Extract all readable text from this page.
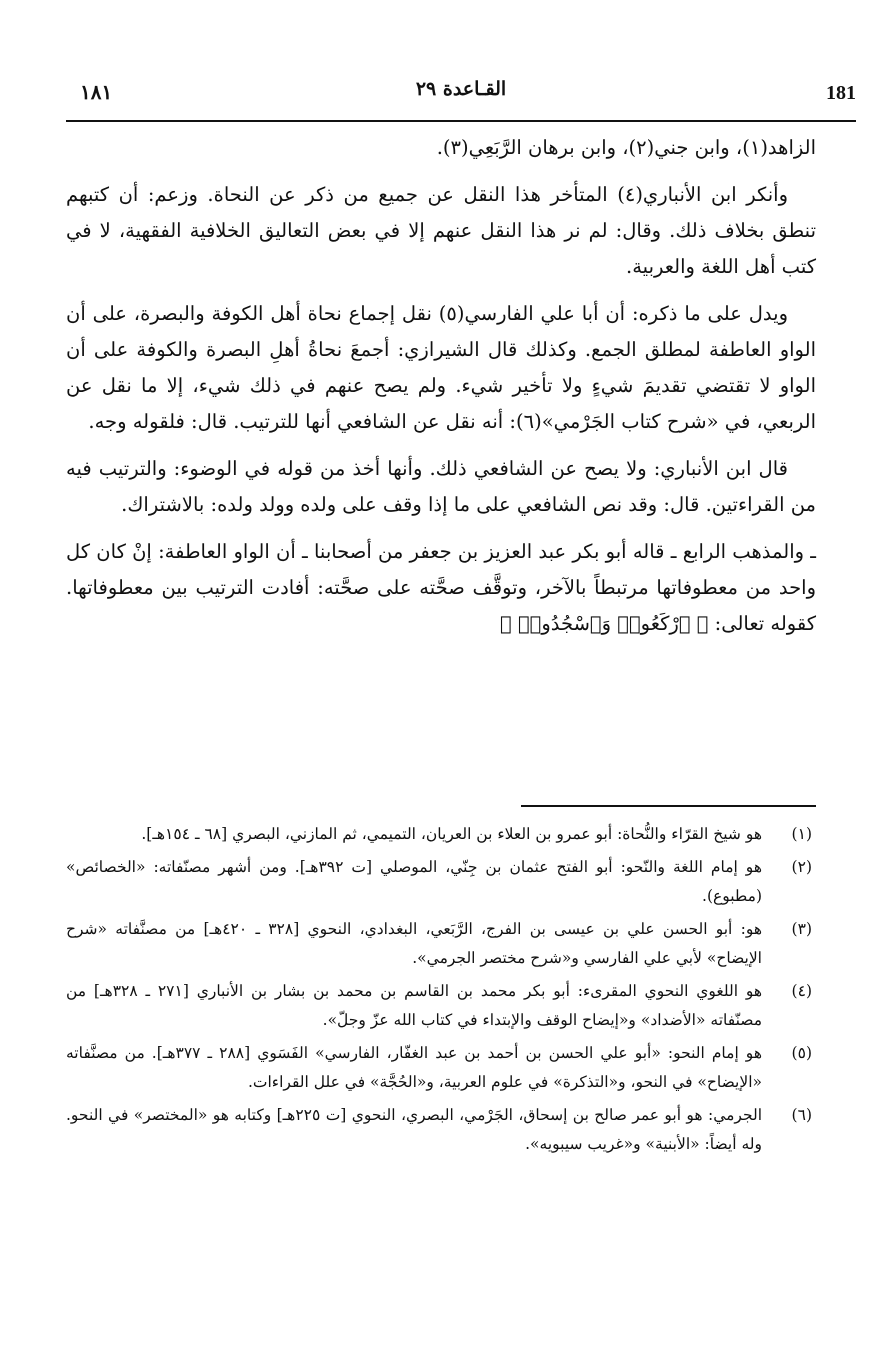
181
القـاعدة ٢٩
١٨١

الزاهد(١)، وابن جني(٢)، وابن برهان الرَّبَعِي(٣).

وأنكر ابن الأنباري(٤) المتأخر هذا النقل عن جميع من ذكر عن النحاة. وزعم: أن كتبهم تنطق بخلاف ذلك. وقال: لم نر هذا النقل عنهم إلا في بعض التعاليق الخلافية الفقهية، لا في كتب أهل اللغة والعربية.

ويدل على ما ذكره: أن أبا علي الفارسي(٥) نقل إجماع نحاة أهل الكوفة والبصرة، على أن الواو العاطفة لمطلق الجمع. وكذلك قال الشيرازي: أجمعَ نحاةُ أهلِ البصرة والكوفة على أن الواو لا تقتضي تقديمَ شيءٍ ولا تأخير شيء. ولم يصح عنهم في ذلك شيء، إلا ما نقل عن الربعي، في «شرح كتاب الجَرْمي»(٦): أنه نقل عن الشافعي أنها للترتيب. قال: فلقوله وجه.

قال ابن الأنباري: ولا يصح عن الشافعي ذلك. وأنها أخذ من قوله في الوضوء: والترتيب فيه من القراءتين. قال: وقد نص الشافعي على ما إذا وقف على ولده وولد ولده: بالاشتراك.

ـ والمذهب الرابع ـ قاله أبو بكر عبد العزيز بن جعفر من أصحابنا ـ أن الواو العاطفة: إنْ كان كل واحد من معطوفاتها مرتبطاً بالآخر، وتوقَّف صحَّته على صحَّته: أفادت الترتيب بين معطوفاتها. كقوله تعالى: ﴿ ٱرْكَعُوا۟ وَٱسْجُدُوا۟ ﴾

(١)
هو شيخ القرّاء والنُّحاة: أبو عمرو بن العلاء بن العريان، التميمي، ثم المازني، البصري [٦٨ ـ ١٥٤هـ].
(٢)
هو إمام اللغة والنّحو: أبو الفتح عثمان بن جِنّي، الموصلي [ت ٣٩٢هـ]. ومن أشهر مصنّفاته: «الخصائص» (مطبوع).
(٣)
هو: أبو الحسن علي بن عيسى بن الفرج، الرَّبَعي، البغدادي، النحوي [٣٢٨ ـ ٤٢٠هـ] من مصنَّفاته «شرح الإيضاح» لأبي علي الفارسي و«شرح مختصر الجرمي».
(٤)
هو اللغوي النحوي المقرىء: أبو بكر محمد بن القاسم بن محمد بن بشار بن الأنباري [٢٧١ ـ ٣٢٨هـ] من مصنّفاته «الأضداد» و«إيضاح الوقف والإبتداء في كتاب الله عزّ وجلّ».
(٥)
هو إمام النحو: «أبو علي الحسن بن أحمد بن عبد الغفّار، الفارسي» الفَسَوي [٢٨٨ ـ ٣٧٧هـ]. من مصنَّفاته «الإيضاح» في النحو، و«التذكرة» في علوم العربية، و«الحُجَّة» في علل القراءات.
(٦)
الجرمي: هو أبو عمر صالح بن إسحاق، الجَرْمي، البصري، النحوي [ت ٢٢٥هـ] وكتابه هو «المختصر» في النحو. وله أيضاً: «الأبنية» و«غريب سيبويه».
